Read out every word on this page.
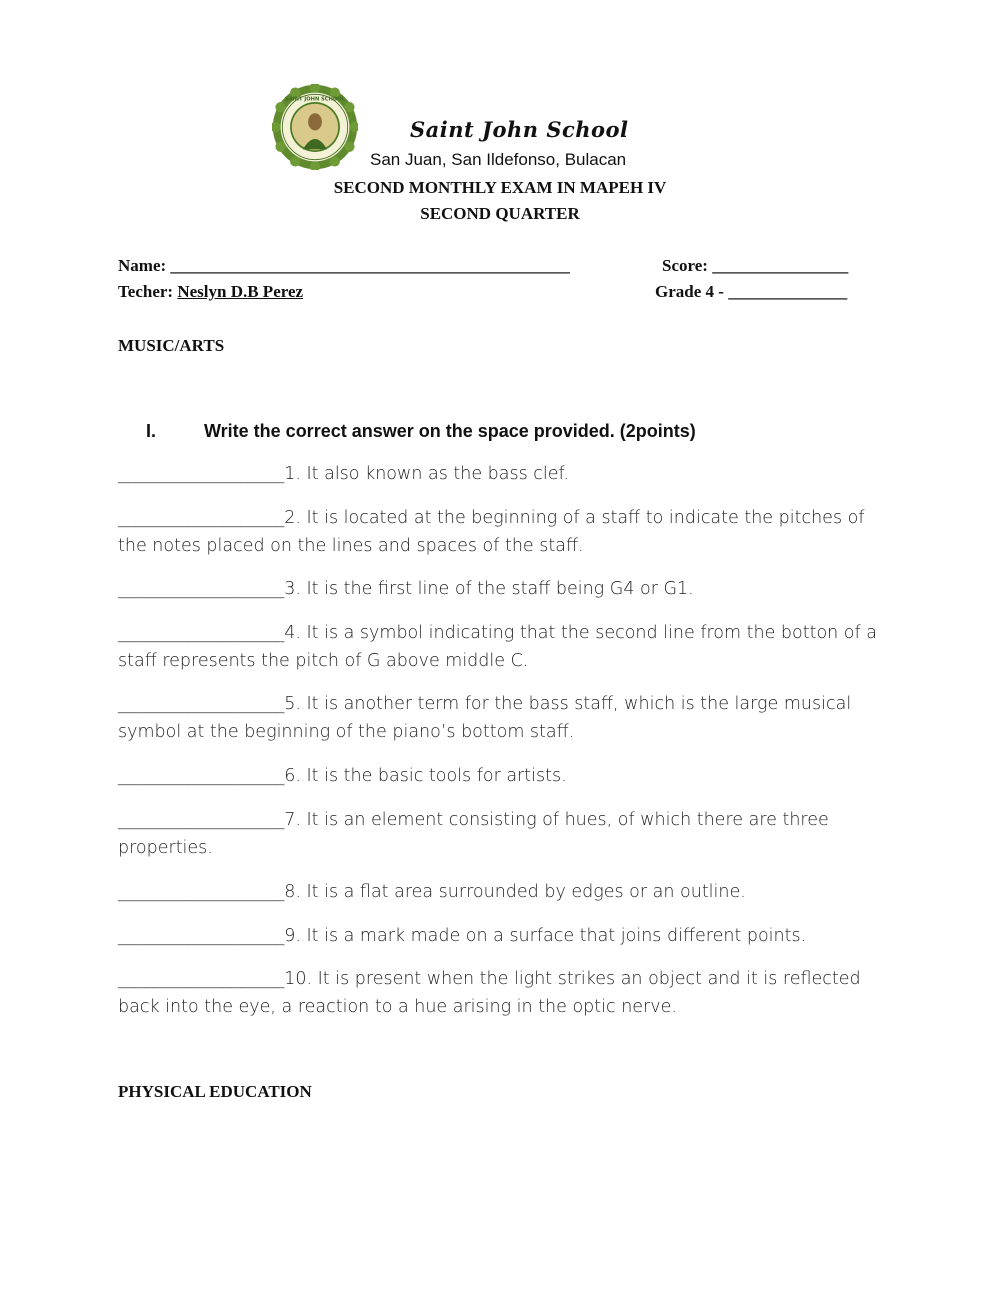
SAINT JOHN SCHOOL
Saint John School
San Juan, San Ildefonso, Bulacan
SECOND MONTHLY EXAM IN MAPEH IV
SECOND QUARTER
Name: _______________________________________________	Score: ________________
Techer: Neslyn D.B Perez	Grade 4 - ______________
MUSIC/ARTS
I.	Write the correct answer on the space provided. (2points)
___________________1. It also known as the bass clef.
___________________2. It is located at the beginning of a staff to indicate the pitches of the notes placed on the lines and spaces of the staff.
___________________3. It is the first line of the staff being G4 or G1.
___________________4. It is a symbol indicating that the second line from the botton of a staff represents the pitch of G above middle C.
___________________5. It is another term for the bass staff, which is the large musical symbol at the beginning of the piano’s bottom staff.
___________________6. It is the basic tools for artists.
___________________7. It is an element consisting of hues, of which there are three properties.
___________________8. It is a flat area surrounded by edges or an outline.
___________________9. It is a mark made on a surface that joins different points.
___________________10. It is present when the light strikes an object and it is reflected back into the eye, a reaction to a hue arising in the optic nerve.
PHYSICAL EDUCATION
